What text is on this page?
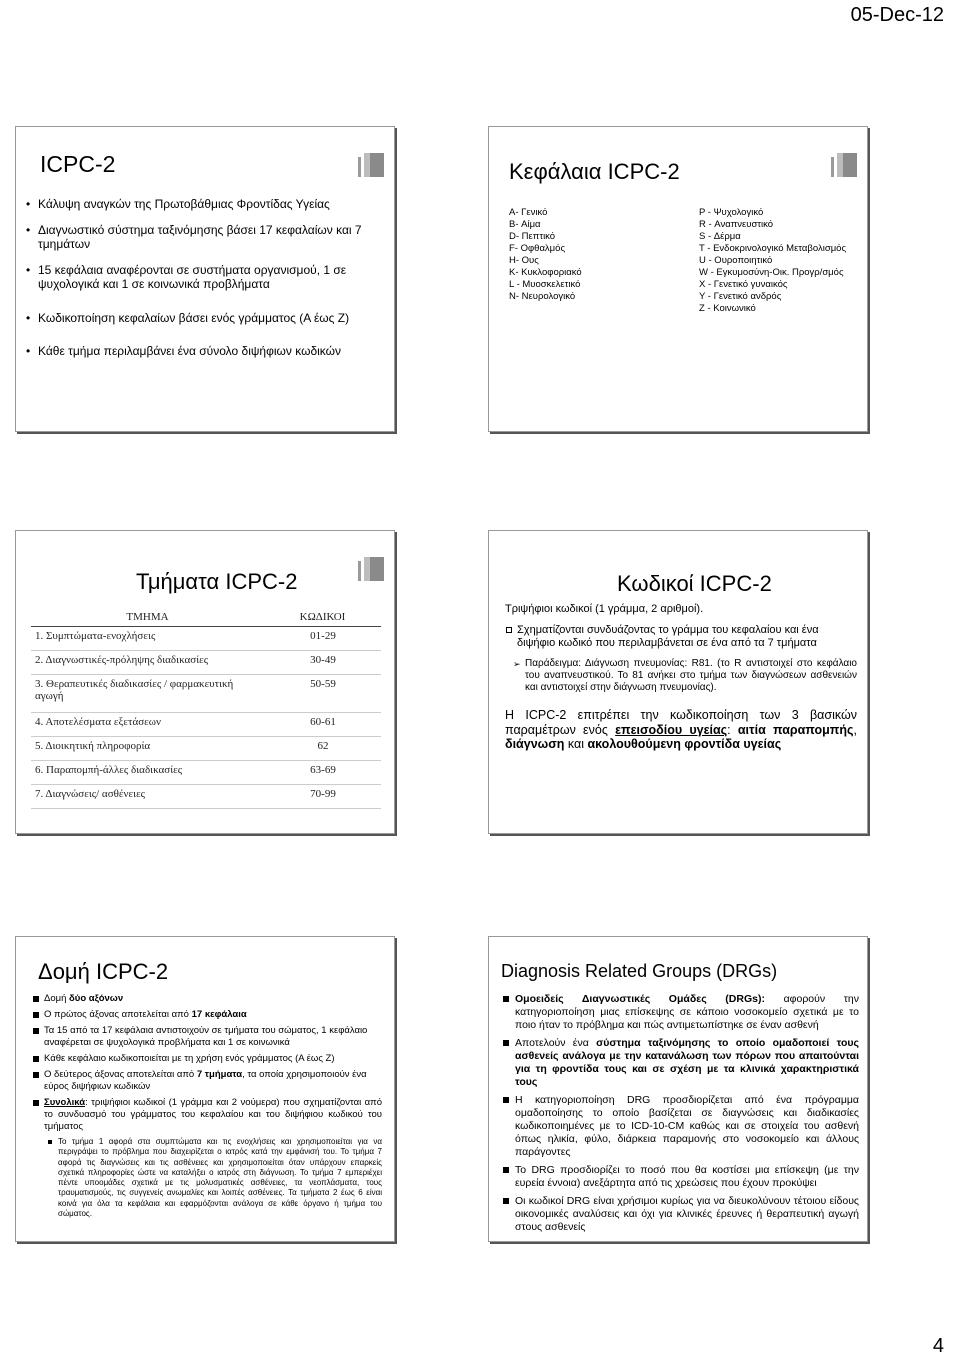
05-Dec-12
ICPC-2
• Κάλυψη αναγκών της Πρωτοβάθμιας Φροντίδας Υγείας
• Διαγνωστικό σύστημα ταξινόμησης βάσει 17 κεφαλαίων και 7 τμημάτων
• 15 κεφάλαια αναφέρονται σε συστήματα οργανισμού, 1 σε ψυχολογικά και 1 σε κοινωνικά προβλήματα
• Κωδικοποίηση κεφαλαίων βάσει ενός γράμματος (Α έως Ζ)
• Κάθε τμήμα περιλαμβάνει ένα σύνολο διψήφιων κωδικών
Κεφάλαια ICPC-2
A- Γενικό
B- Αίμα
D- Πεπτικό
F- Οφθαλμός
H- Ους
K- Κυκλοφοριακό
L - Μυοσκελετικό
N- Νευρολογικό
P - Ψυχολογικό
R - Αναπνευστικό
S - Δέρμα
T - Ενδοκρινολογικό Μεταβολισμός
U - Ουροποιητικό
W - Εγκυμοσύνη-Οικ. Προγρ/σμός
X - Γενετικό γυναικός
Y - Γενετικό ανδρός
Z - Κοινωνικό
Τμήματα ICPC-2
ΤΜΗΜΑ	ΚΩΔΙΚΟΙ
1. Συμπτώματα-ενοχλήσεις	01-29
2. Διαγνωστικές-πρόληψης διαδικασίες	30-49
3. Θεραπευτικές διαδικασίες / φαρμακευτική αγωγή	50-59
4. Αποτελέσματα εξετάσεων	60-61
5. Διοικητική πληροφορία	62
6. Παραπομπή-άλλες διαδικασίες	63-69
7. Διαγνώσεις/ ασθένειες	70-99
Κωδικοί ICPC-2

Τριψήφιοι κωδικοί (1 γράμμα, 2 αριθμοί).

Σχηματίζονται συνδυάζοντας το γράμμα του κεφαλαίου και ένα διψήφιο κωδικό που περιλαμβάνεται σε ένα από τα 7 τμήματα

➢ Παράδειγμα: Διάγνωση πνευμονίας: R81. (το R αντιστοιχεί στο κεφάλαιο του αναπνευστικού. Το 81 ανήκει στο τμήμα των διαγνώσεων ασθενειών και αντιστοιχεί στην διάγνωση πνευμονίας).

Η ICPC-2 επιτρέπει την κωδικοποίηση των 3 βασικών παραμέτρων ενός επεισοδίου υγείας: αιτία παραπομπής, διάγνωση και ακολουθούμενη φροντίδα υγείας

Δομή ICPC-2
Δομή δύο αξόνων
Ο πρώτος άξονας αποτελείται από 17 κεφάλαια
Τα 15 από τα 17 κεφάλαια αντιστοιχούν σε τμήματα του σώματος, 1 κεφάλαιο αναφέρεται σε ψυχολογικά προβλήματα και 1 σε κοινωνικά
Κάθε κεφάλαιο κωδικοποιείται με τη χρήση ενός γράμματος (Α έως Ζ)
Ο δεύτερος άξονας αποτελείται από 7 τμήματα, τα οποία χρησιμοποιούν ένα εύρος διψήφιων κωδικών
Συνολικά: τριψήφιοι κωδικοί (1 γράμμα και 2 νούμερα) που σχηματίζονται από το συνδυασμό του γράμματος του κεφαλαίου και του διψήφιου κωδικού του τμήματος
Το τμήμα 1 αφορά στα συμπτώματα και τις ενοχλήσεις και χρησιμοποιείται για να περιγράψει το πρόβλημα που διαχειρίζεται ο ιατρός κατά την εμφάνισή του. Το τμήμα 7 αφορά τις διαγνώσεις και τις ασθένειες και χρησιμοποιείται όταν υπάρχουν επαρκείς σχετικά πληροφορίες ώστε να καταλήξει ο ιατρός στη διάγνωση. Το τμήμα 7 εμπεριέχει πέντε υποομάδες σχετικά με τις μολυσματικές ασθένειες, τα νεοπλάσματα, τους τραυματισμούς, τις συγγενείς ανωμαλίες και λοιπές ασθένειες. Τα τμήματα 2 έως 6 είναι κοινά για όλα τα κεφάλαια και εφαρμόζονται ανάλογα σε κάθε όργανο ή τμήμα του σώματος.
Diagnosis Related Groups (DRGs)
Ομοειδείς Διαγνωστικές Ομάδες (DRGs): αφορούν την κατηγοριοποίηση μιας επίσκεψης σε κάποιο νοσοκομείο σχετικά με το ποιο ήταν το πρόβλημα και πώς αντιμετωπίστηκε σε έναν ασθενή
Αποτελούν ένα σύστημα ταξινόμησης το οποίο ομαδοποιεί τους ασθενείς ανάλογα με την κατανάλωση των πόρων που απαιτούνται για τη φροντίδα τους και σε σχέση με τα κλινικά χαρακτηριστικά τους
Η κατηγοριοποίηση DRG προσδιορίζεται από ένα πρόγραμμα ομαδοποίησης το οποίο βασίζεται σε διαγνώσεις και διαδικασίες κωδικοποιημένες με το ICD-10-CM καθώς και σε στοιχεία του ασθενή όπως ηλικία, φύλο, διάρκεια παραμονής στο νοσοκομείο και άλλους παράγοντες
Το DRG προσδιορίζει το ποσό που θα κοστίσει μια επίσκεψη (με την ευρεία έννοια) ανεξάρτητα από τις χρεώσεις που έχουν προκύψει
Οι κωδικοί DRG είναι χρήσιμοι κυρίως για να διευκολύνουν τέτοιου είδους οικονομικές αναλύσεις και όχι για κλινικές έρευνες ή θεραπευτική αγωγή στους ασθενείς
4
